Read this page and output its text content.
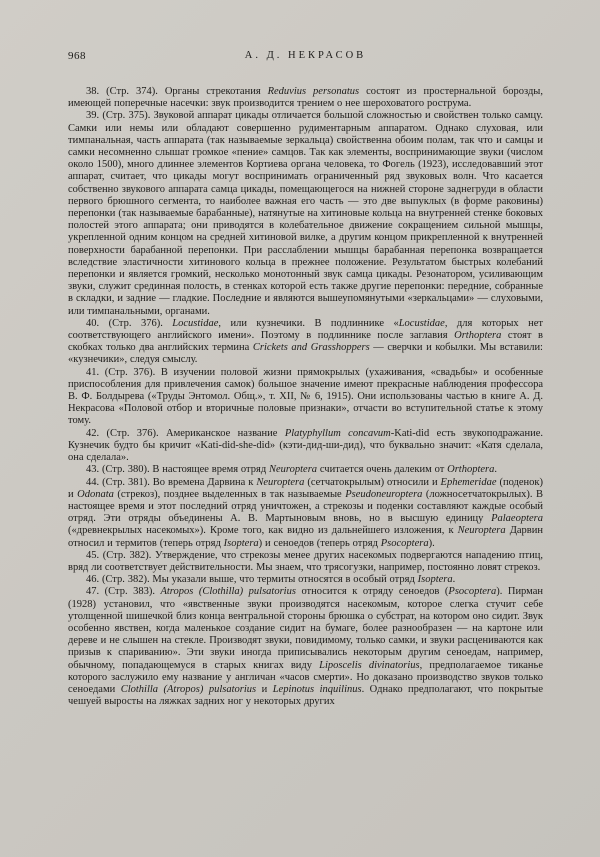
968	А. Д. НЕКРАСОВ

38. (Стр. 374). Органы стрекотания Reduvius personatus состоят из простернальной борозды, имеющей поперечные насечки: звук производится трением о нее шероховатого рострума.

39. (Стр. 375). Звуковой аппарат цикады отличается большой сложностью и свойствен только самцу. Самки или немы или обладают совершенно рудиментарным аппаратом. Однако слуховая, или тимпанальная, часть аппарата (так называемые зеркальца) свойственна обоим полам, так что и самцы и самки несомненно слышат громкое «пение» самцов. Так как элементы, воспринимающие звуки (числом около 1500), много длиннее элементов Кортиева органа человека, то Фогель (1923), исследовавший этот аппарат, считает, что цикады могут воспринимать ограниченный ряд звуковых волн. Что касается собственно звукового аппарата самца цикады, помещающегося на нижней стороне заднегруди в области первого брюшного сегмента, то наиболее важная его часть — это две выпуклых (в форме раковины) перепонки (так называемые барабанные), натянутые на хитиновые кольца на внутренней стенке боковых полостей этого аппарата; они приводятся в колебательное движение сокращением сильной мышцы, укрепленной одним концом на средней хитиновой вилке, а другим концом прикрепленной к внутренней поверхности барабанной перепонки. При расслаблении мышцы барабанная перепонка возвращается вследствие эластичности хитинового кольца в прежнее положение. Результатом быстрых колебаний перепонки и является громкий, несколько монотонный звук самца цикады. Резонатором, усиливающим звуки, служит срединная полость, в стенках которой есть также другие перепонки: передние, собранные в складки, и задние — гладкие. Последние и являются вышеупомянутыми «зеркальцами» — слуховыми, или тимпанальными, органами.

40. (Стр. 376). Locustidae, или кузнечики. В подлиннике «Locustidae, для которых нет соответствующего английского имени». Поэтому в подлиннике после заглавия Orthoptera стоят в скобках только два английских термина Crickets and Grasshoppers — сверчки и кобылки. Мы вставили: «кузнечики», следуя смыслу.

41. (Стр. 376). В изучении половой жизни прямокрылых (ухаживания, «свадьбы» и особенные приспособления для привлечения самок) большое значение имеют прекрасные наблюдения профессора В. Ф. Болдырева («Труды Энтомол. Общ.», т. XII, № 6, 1915). Они использованы частью в книге А. Д. Некрасова «Половой отбор и вторичные половые признаки», отчасти во вступительной статье к этому тому.

42. (Стр. 376). Американское название Platyphyllum concavum-Kati-did есть звукоподражание. Кузнечик будто бы кричит «Kati-did-she-did» (кэти-дид-ши-дид), что буквально значит: «Катя сделала, она сделала».

43. (Стр. 380). В настоящее время отряд Neuroptera считается очень далеким от Orthoptera.

44. (Стр. 381). Во времена Дарвина к Neuroptera (сетчатокрылым) относили и Ephemeridae (поденок) и Odonata (стрекоз), позднее выделенных в так называемые Pseudoneuroptera (ложносетчатокрылых). В настоящее время и этот последний отряд уничтожен, а стрекозы и поденки составляют каждые особый отряд. Эти отряды объединены А. В. Мартыновым вновь, но в высшую единицу Palaeoptera («древнекрылых насекомых»). Кроме того, как видно из дальнейшего изложения, к Neuroptera Дарвин относил и термитов (теперь отряд Isoptera) и сеноедов (теперь отряд Psocoptera).

45. (Стр. 382). Утверждение, что стрекозы менее других насекомых подвергаются нападению птиц, вряд ли соответствует действительности. Мы знаем, что трясогузки, например, постоянно ловят стрекоз.

46. (Стр. 382). Мы указали выше, что термиты относятся в особый отряд Isoptera.

47. (Стр. 383). Atropos (Clothilla) pulsatorius относится к отряду сеноедов (Psocoptera). Пирман (1928) установил, что «явственные звуки производятся насекомым, которое слегка стучит себе утолщенной шишечкой близ конца вентральной стороны брюшка о субстрат, на котором оно сидит. Звук особенно явствен, когда маленькое создание сидит на бумаге, более разнообразен — на картоне или дереве и не слышен на стекле. Производят звуки, повидимому, только самки, и звуки расцениваются как призыв к спариванию». Эти звуки иногда приписывались некоторым другим сеноедам, например, обычному, попадающемуся в старых книгах виду Liposcelis divinatorius, предполагаемое тиканье которого заслужило ему название у англичан «часов смерти». Но доказано производство звуков только сеноедами Clothilla (Atropos) pulsatorius и Lepinotus inquilinus. Однако предполагают, что покрытые чешуей выросты на ляжках задних ног у некоторых других
